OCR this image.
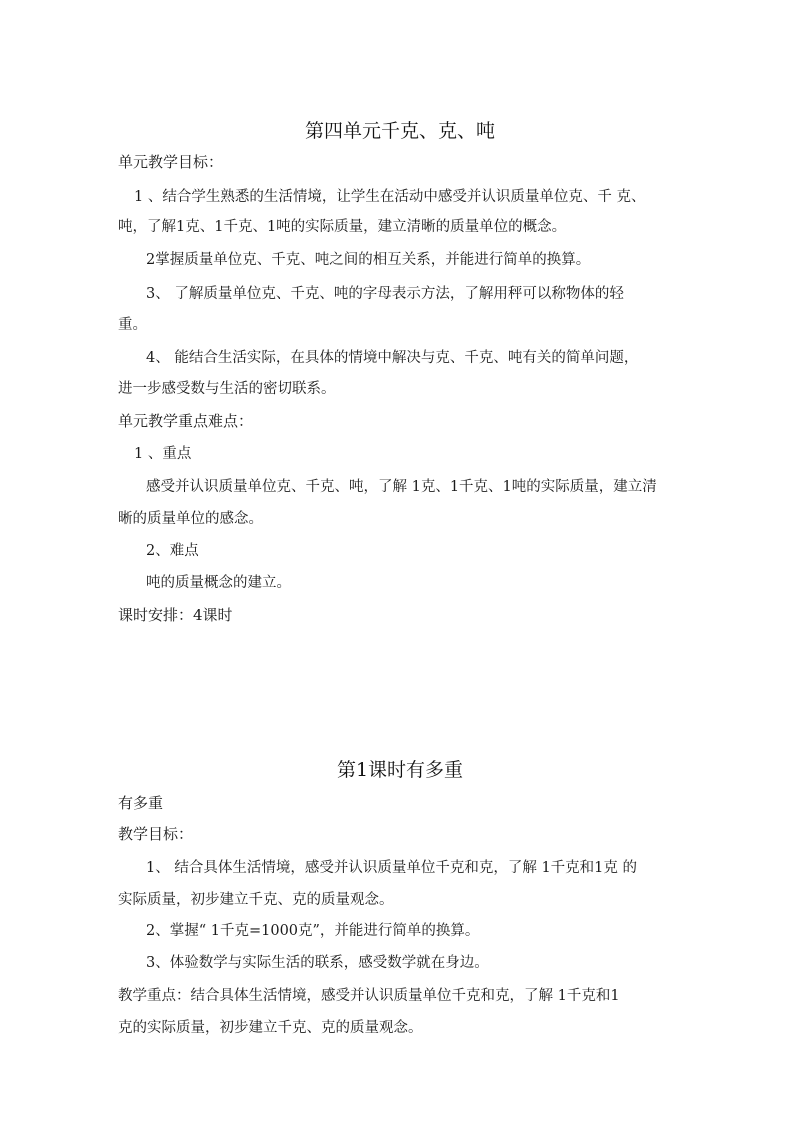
第四单元千克、克、吨
单元教学目标：
1 、结合学生熟悉的生活情境，让学生在活动中感受并认识质量单位克、千 克、
吨，了解1克、1千克、1吨的实际质量，建立清晰的质量单位的概念。
2掌握质量单位克、千克、吨之间的相互关系，并能进行简单的换算。
3、 了解质量单位克、千克、吨的字母表示方法，了解用秤可以称物体的轻
重。
4、 能结合生活实际，在具体的情境中解决与克、千克、吨有关的简单问题，
进一步感受数与生活的密切联系。
单元教学重点难点：
1 、重点
感受并认识质量单位克、千克、吨，了解 1克、1千克、1吨的实际质量，建立清
晰的质量单位的感念。
2、难点
吨的质量概念的建立。
课时安排：4课时
第1课时有多重
有多重
教学目标：
1、 结合具体生活情境，感受并认识质量单位千克和克，了解 1千克和1克 的
实际质量，初步建立千克、克的质量观念。
2、掌握“ 1千克=1000克”，并能进行简单的换算。
3、体验数学与实际生活的联系，感受数学就在身边。
教学重点：结合具体生活情境，感受并认识质量单位千克和克，了解 1千克和1
克的实际质量，初步建立千克、克的质量观念。
